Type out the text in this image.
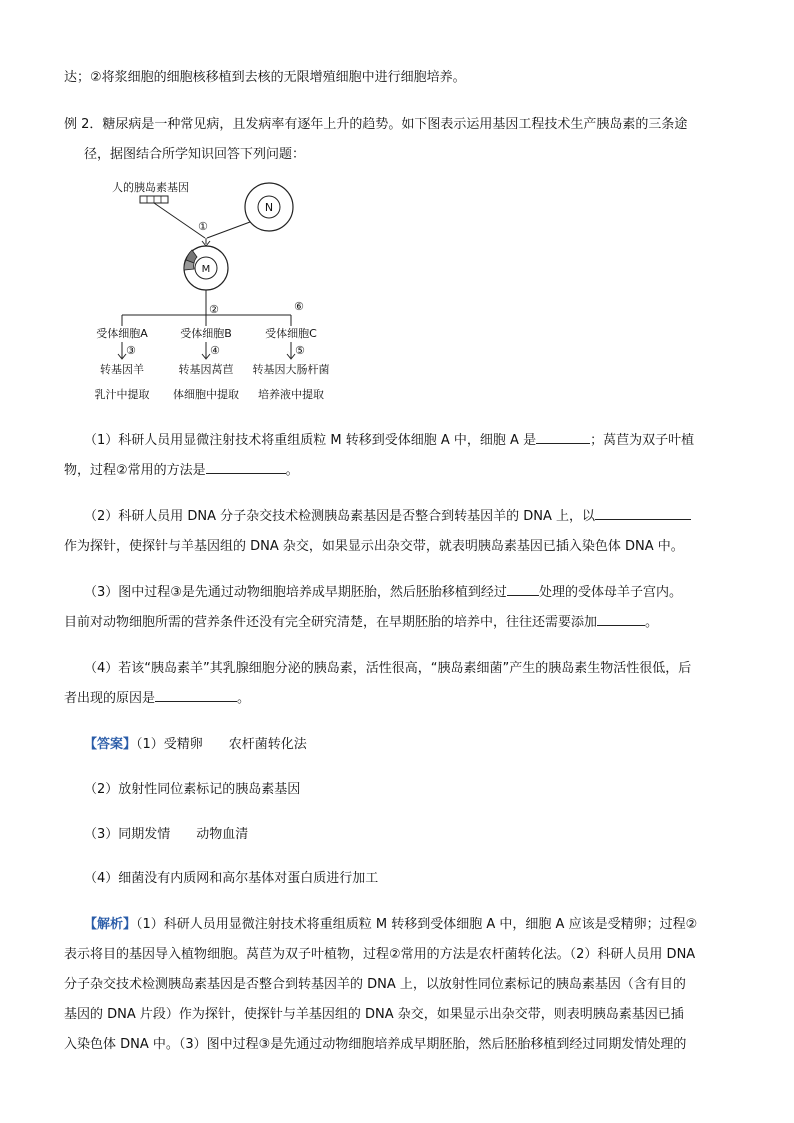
达；②将浆细胞的细胞核移植到去核的无限增殖细胞中进行细胞培养。
例 2．糖尿病是一种常见病，且发病率有逐年上升的趋势。如下图表示运用基因工程技术生产胰岛素的三条途
径，据图结合所学知识回答下列问题：
人的胰岛素基因
N
①
M
②	⑥
受体细胞A	受体细胞B	受体细胞C
③	④	⑤
转基因羊	转基因莴苣 转基因大肠杆菌
乳汁中提取 体细胞中提取 培养液中提取
（1）科研人员用显微注射技术将重组质粒 M 转移到受体细胞 A 中，细胞 A 是	；莴苣为双子叶植
物，过程②常用的方法是	。
（2）科研人员用 DNA 分子杂交技术检测胰岛素基因是否整合到转基因羊的 DNA 上，以
作为探针，使探针与羊基因组的 DNA 杂交，如果显示出杂交带，就表明胰岛素基因已插入染色体 DNA 中。
（3）图中过程③是先通过动物细胞培养成早期胚胎，然后胚胎移植到经过 处理的受体母羊子宫内。
目前对动物细胞所需的营养条件还没有完全研究清楚，在早期胚胎的培养中，往往还需要添加	。
（4）若该“胰岛素羊”其乳腺细胞分泌的胰岛素，活性很高，“胰岛素细菌”产生的胰岛素生物活性很低，后
者出现的原因是	。
【答案】（1）受精卵　　农杆菌转化法
（2）放射性同位素标记的胰岛素基因
（3）同期发情　　动物血清
（4）细菌没有内质网和高尔基体对蛋白质进行加工
【解析】（1）科研人员用显微注射技术将重组质粒 M 转移到受体细胞 A 中，细胞 A 应该是受精卵；过程②
表示将目的基因导入植物细胞。莴苣为双子叶植物，过程②常用的方法是农杆菌转化法。（2）科研人员用 DNA
分子杂交技术检测胰岛素基因是否整合到转基因羊的 DNA 上，以放射性同位素标记的胰岛素基因（含有目的
基因的 DNA 片段）作为探针，使探针与羊基因组的 DNA 杂交，如果显示出杂交带，则表明胰岛素基因已插
入染色体 DNA 中。（3）图中过程③是先通过动物细胞培养成早期胚胎，然后胚胎移植到经过同期发情处理的
